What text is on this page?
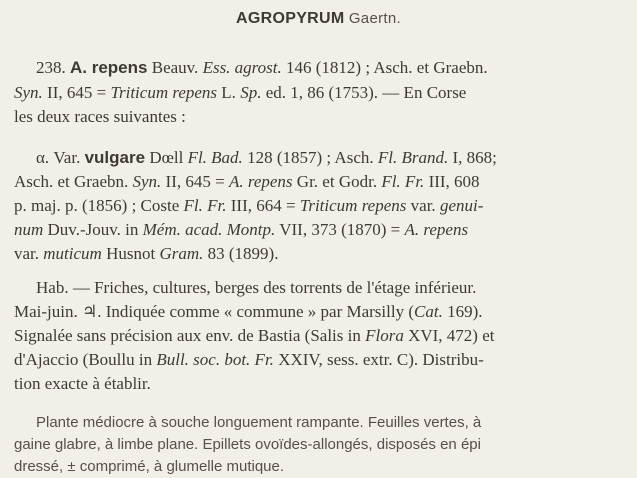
AGROPYRUM Gaertn.
238. A. repens Beauv. Ess. agrost. 146 (1812) ; Asch. et Graebn.
Syn. II, 645 = Triticum repens L. Sp. ed. 1, 86 (1753). — En Corse
les deux races suivantes :
α. Var. vulgare Dœll Fl. Bad. 128 (1857) ; Asch. Fl. Brand. I, 868;
Asch. et Graebn. Syn. II, 645 = A. repens Gr. et Godr. Fl. Fr. III, 608
p. maj. p. (1856) ; Coste Fl. Fr. III, 664 = Triticum repens var. genui-
num Duv.-Jouv. in Mém. acad. Montp. VII, 373 (1870) = A. repens
var. muticum Husnot Gram. 83 (1899).
Hab. — Friches, cultures, berges des torrents de l'étage inférieur.
Mai-juin. ♃. Indiquée comme « commune » par Marsilly (Cat. 169).
Signalée sans précision aux env. de Bastia (Salis in Flora XVI, 472) et
d'Ajaccio (Boullu in Bull. soc. bot. Fr. XXIV, sess. extr. C). Distribu-
tion exacte à établir.
Plante médiocre à souche longuement rampante. Feuilles vertes, à
gaine glabre, à limbe plane. Epillets ovoïdes-allongés, disposés en épi
dressé, ± comprimé, à glumelle mutique.
